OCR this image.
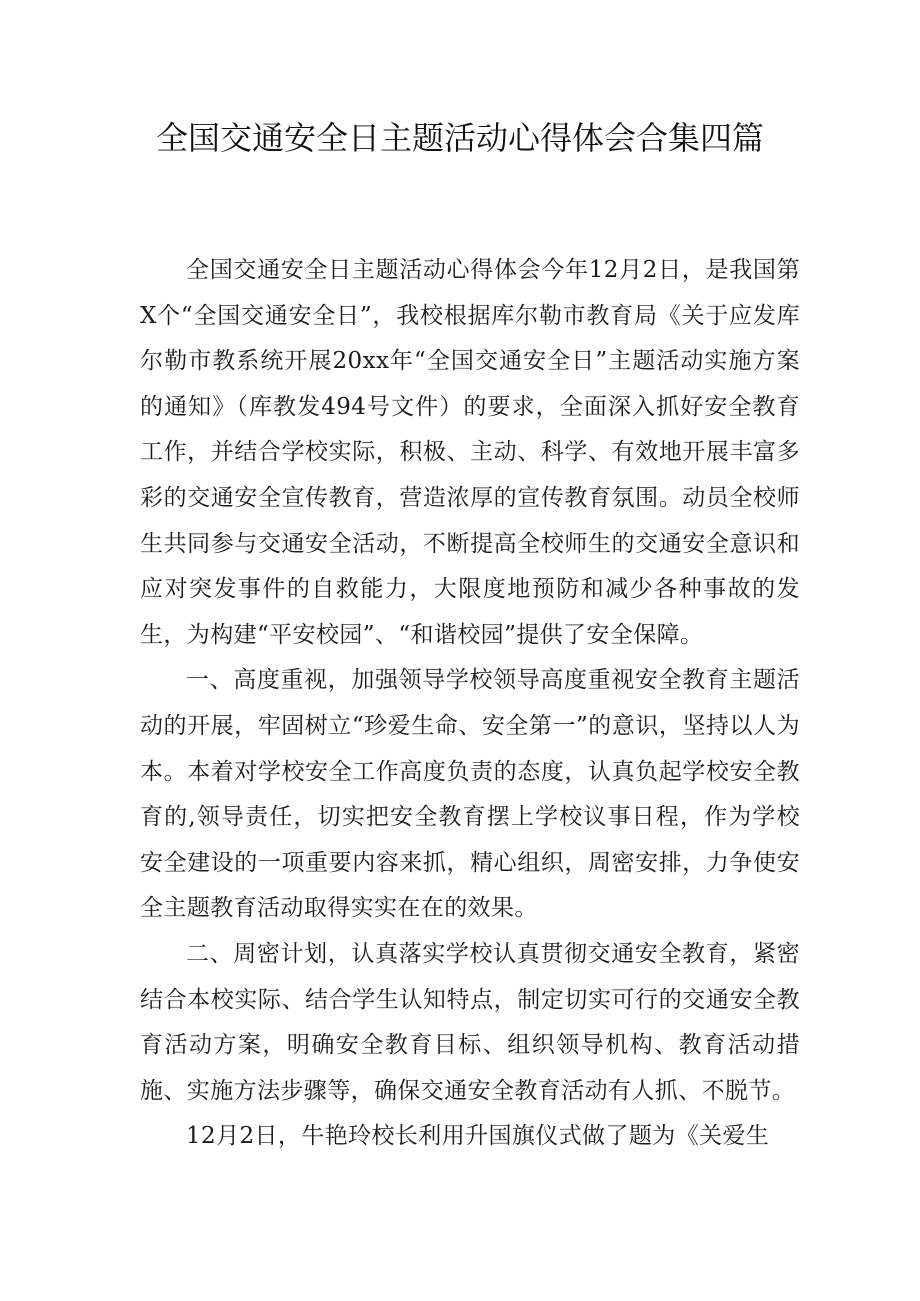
全国交通安全日主题活动心得体会合集四篇

全国交通安全日主题活动心得体会今年12月2日，是我国第X个“全国交通安全日”，我校根据库尔勒市教育局《关于应发库尔勒市教系统开展20xx年“全国交通安全日”主题活动实施方案的通知》（库教发494号文件）的要求，全面深入抓好安全教育工作，并结合学校实际，积极、主动、科学、有效地开展丰富多彩的交通安全宣传教育，营造浓厚的宣传教育氛围。动员全校师生共同参与交通安全活动，不断提高全校师生的交通安全意识和应对突发事件的自救能力，大限度地预防和减少各种事故的发生，为构建“平安校园”、“和谐校园”提供了安全保障。

一、高度重视，加强领导学校领导高度重视安全教育主题活动的开展，牢固树立“珍爱生命、安全第一”的意识，坚持以人为本。本着对学校安全工作高度负责的态度，认真负起学校安全教育的,领导责任，切实把安全教育摆上学校议事日程，作为学校安全建设的一项重要内容来抓，精心组织，周密安排，力争使安全主题教育活动取得实实在在的效果。

二、周密计划，认真落实学校认真贯彻交通安全教育，紧密结合本校实际、结合学生认知特点，制定切实可行的交通安全教育活动方案，明确安全教育目标、组织领导机构、教育活动措施、实施方法步骤等，确保交通安全教育活动有人抓、不脱节。

12月2日，牛艳玲校长利用升国旗仪式做了题为《关爱生
